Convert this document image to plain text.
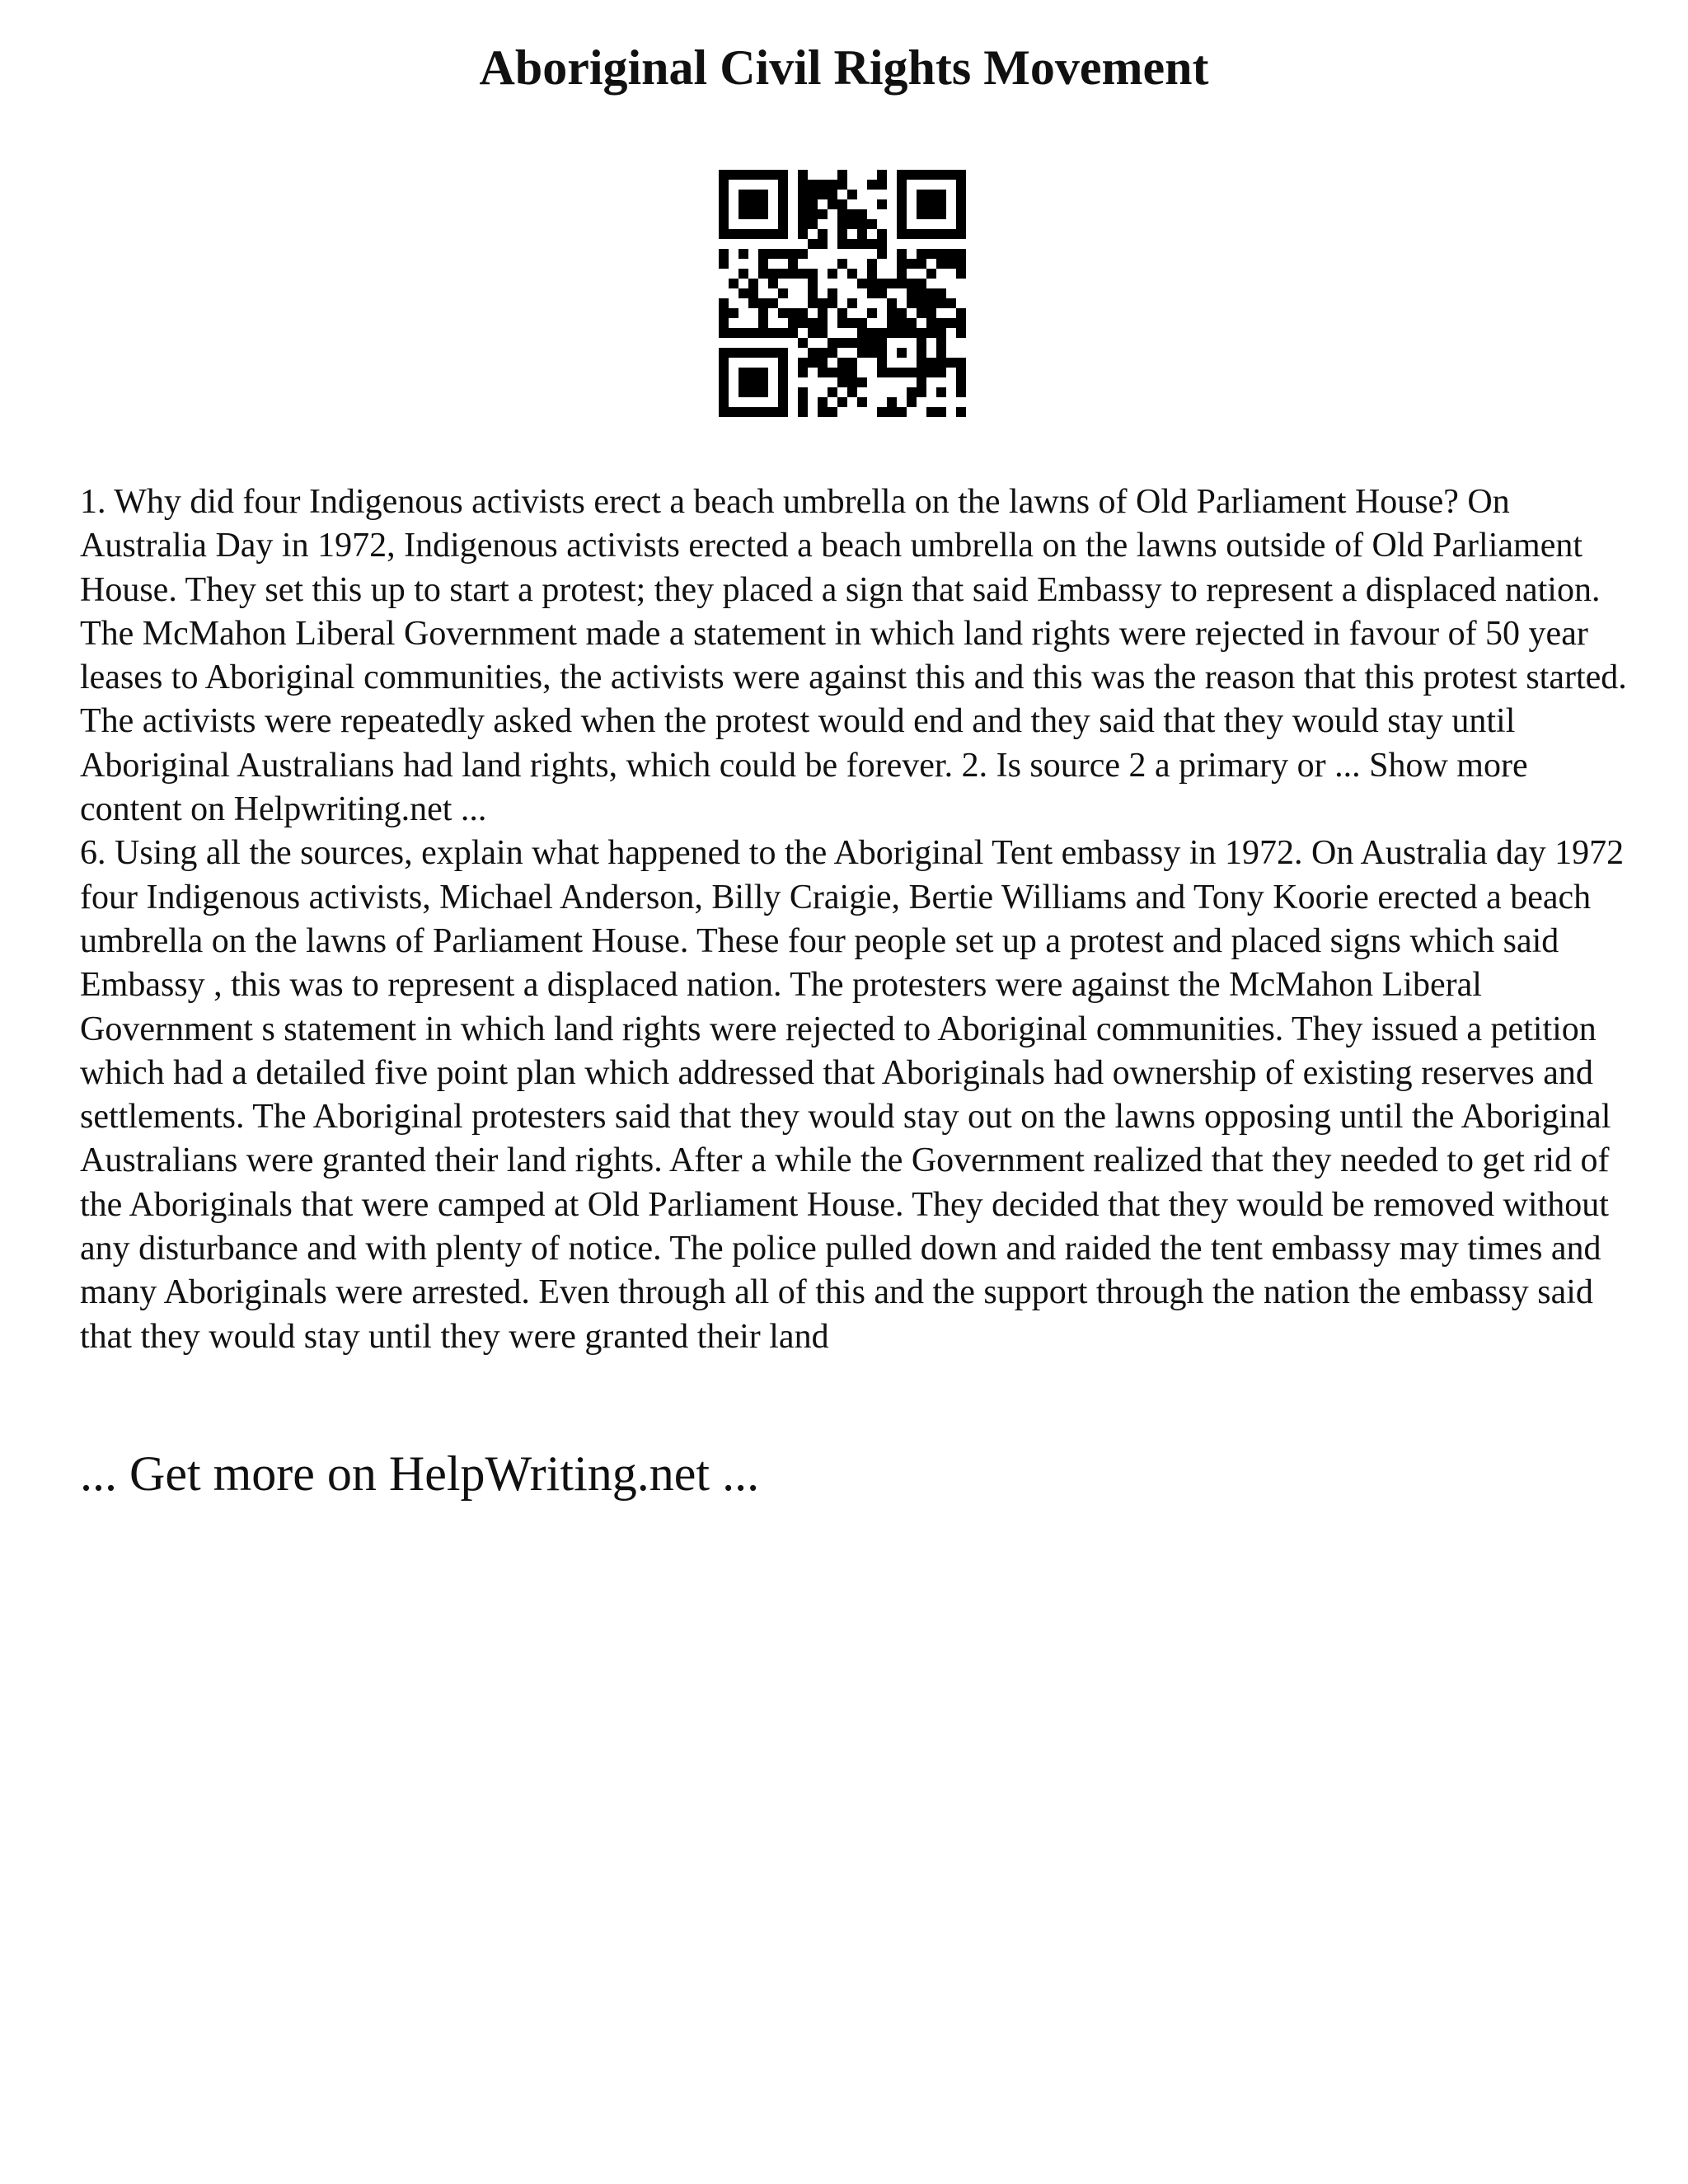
Aboriginal Civil Rights Movement

1. Why did four Indigenous activists erect a beach umbrella on the lawns of Old Parliament House? On Australia Day in 1972, Indigenous activists erected a beach umbrella on the lawns outside of Old Parliament House. They set this up to start a protest; they placed a sign that said Embassy to represent a displaced nation. The McMahon Liberal Government made a statement in which land rights were rejected in favour of 50 year leases to Aboriginal communities, the activists were against this and this was the reason that this protest started. The activists were repeatedly asked when the protest would end and they said that they would stay until Aboriginal Australians had land rights, which could be forever. 2. Is source 2 a primary or ... Show more content on Helpwriting.net ...

6. Using all the sources, explain what happened to the Aboriginal Tent embassy in 1972. On Australia day 1972 four Indigenous activists, Michael Anderson, Billy Craigie, Bertie Williams and Tony Koorie erected a beach umbrella on the lawns of Parliament House. These four people set up a protest and placed signs which said Embassy , this was to represent a displaced nation. The protesters were against the McMahon Liberal Government s statement in which land rights were rejected to Aboriginal communities. They issued a petition which had a detailed five point plan which addressed that Aboriginals had ownership of existing reserves and settlements. The Aboriginal protesters said that they would stay out on the lawns opposing until the Aboriginal Australians were granted their land rights. After a while the Government realized that they needed to get rid of the Aboriginals that were camped at Old Parliament House. They decided that they would be removed without any disturbance and with plenty of notice. The police pulled down and raided the tent embassy may times and many Aboriginals were arrested. Even through all of this and the support through the nation the embassy said that they would stay until they were granted their land

... Get more on HelpWriting.net ...
